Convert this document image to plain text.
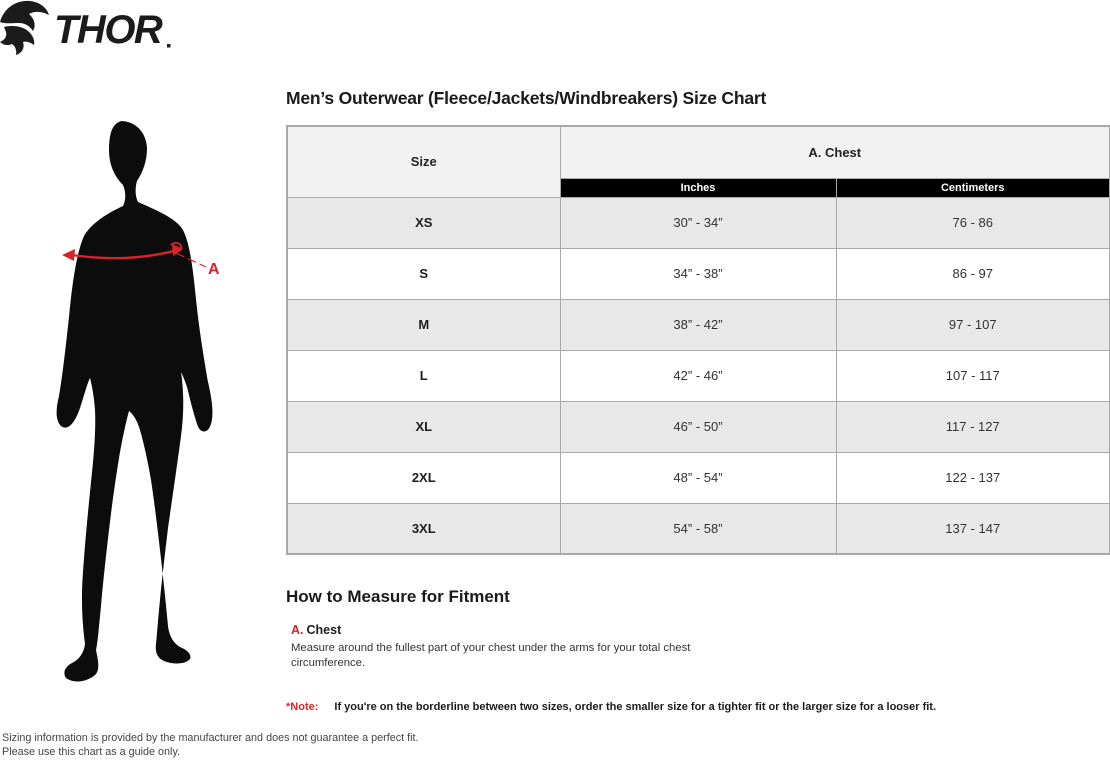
THOR
A
Men’s Outerwear (Fleece/Jackets/Windbreakers) Size Chart
Size	A. Chest	
	Inches	Centimeters
XS	30” - 34”	76 - 86
S	34” - 38”	86 - 97
M	38” - 42”	97 - 107
L	42” - 46”	107 - 117
XL	46” - 50”	117 - 127
2XL	48” - 54”	122 - 137
3XL	54” - 58”	137 - 147
How to Measure for Fitment
A. Chest
Measure around the fullest part of your chest under the arms for your total chest circumference.
*Note: If you're on the borderline between two sizes, order the smaller size for a tighter fit or the larger size for a looser fit.
Sizing information is provided by the manufacturer and does not guarantee a perfect fit.
Please use this chart as a guide only.
